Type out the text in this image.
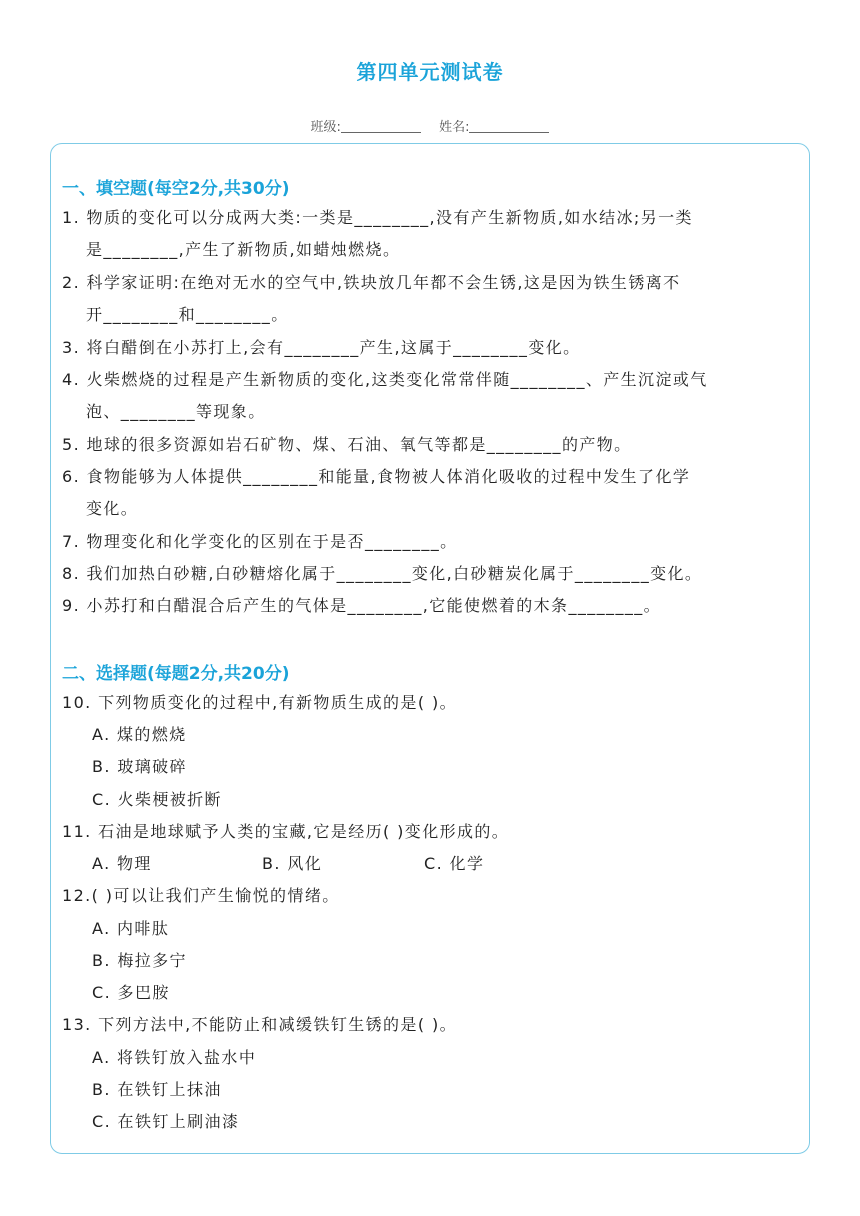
第四单元测试卷
班级:	姓名:
一、填空题(每空2分,共30分)
1. 物质的变化可以分成两大类:一类是________,没有产生新物质,如水结冰;另一类
是________,产生了新物质,如蜡烛燃烧。
2. 科学家证明:在绝对无水的空气中,铁块放几年都不会生锈,这是因为铁生锈离不
开________和________。
3. 将白醋倒在小苏打上,会有________产生,这属于________变化。
4. 火柴燃烧的过程是产生新物质的变化,这类变化常常伴随________、产生沉淀或气
泡、________等现象。
5. 地球的很多资源如岩石矿物、煤、石油、氧气等都是________的产物。
6. 食物能够为人体提供________和能量,食物被人体消化吸收的过程中发生了化学
变化。
7. 物理变化和化学变化的区别在于是否________。
8. 我们加热白砂糖,白砂糖熔化属于________变化,白砂糖炭化属于________变化。
9. 小苏打和白醋混合后产生的气体是________,它能使燃着的木条________。
二、选择题(每题2分,共20分)
10. 下列物质变化的过程中,有新物质生成的是( )。
A. 煤的燃烧
B. 玻璃破碎
C. 火柴梗被折断
11. 石油是地球赋予人类的宝藏,它是经历( )变化形成的。
A. 物理	B. 风化	C. 化学
12.( )可以让我们产生愉悦的情绪。
A. 内啡肽
B. 梅拉多宁
C. 多巴胺
13. 下列方法中,不能防止和减缓铁钉生锈的是( )。
A. 将铁钉放入盐水中
B. 在铁钉上抹油
C. 在铁钉上刷油漆
